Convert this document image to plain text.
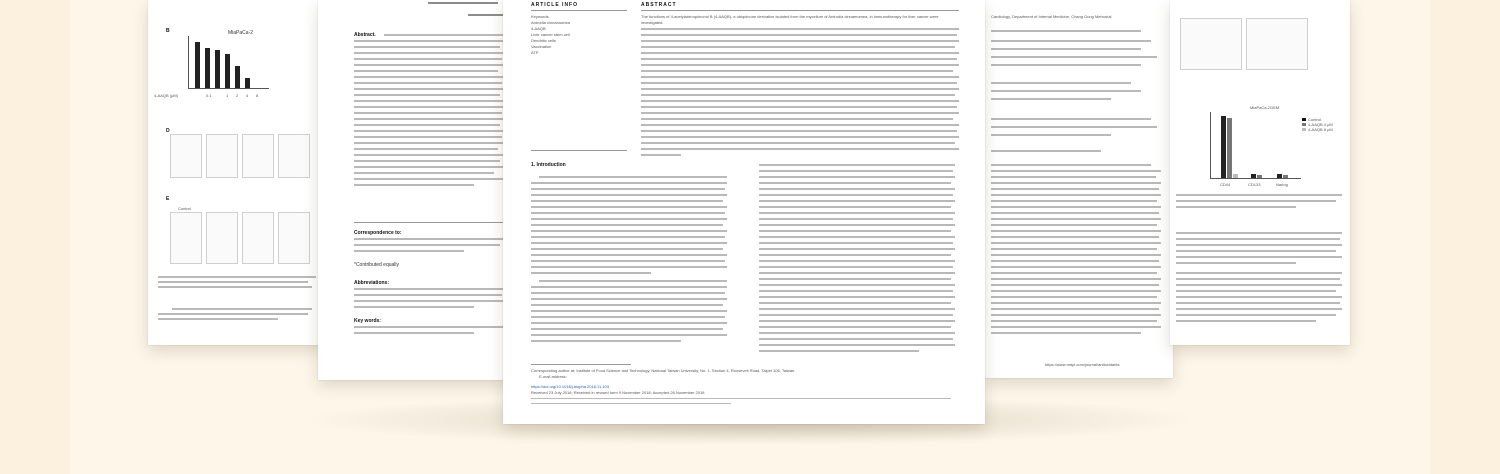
B	MiaPaCa-2
4-AAQB (μM)	0.1	1 2 4 8
D
E
Control
Abstract.
Correspondence to:
*Contributed equally
Abbreviations:
Key words:
Cardiology, Department of Internal Medicine, Chang Gung Memorial
https://www.mdpi.com/journal/antioxidants
MiaPaCa-2GEM
CD44	CD133	Nanog
Control
4-AAQB 4 μM
4-AAQB 8 μM
ARTICLE INFO	ABSTRACT
Keywords
Antrodia cinnamomea
4-AAQB
Liver cancer stem cell
Dendritic cells
Vaccination
ATP
The functions of 4-acetylantroquinonol B (4-AAQB), a ubiquinone derivative isolated from the mycelium of Antrodia cinnamomea, in immunotherapy for liver cancer were investigated.
1. Introduction
Corresponding author at: Institute of Food Science and Technology, National Taiwan University, No. 1, Section 4, Roosevelt Road, Taipei 106, Taiwan.
E-mail address:
https://doi.org/10.1016/j.biopha.2018.11.103
Received 23 July 2018; Received in revised form 9 November 2018; Accepted 26 November 2018
